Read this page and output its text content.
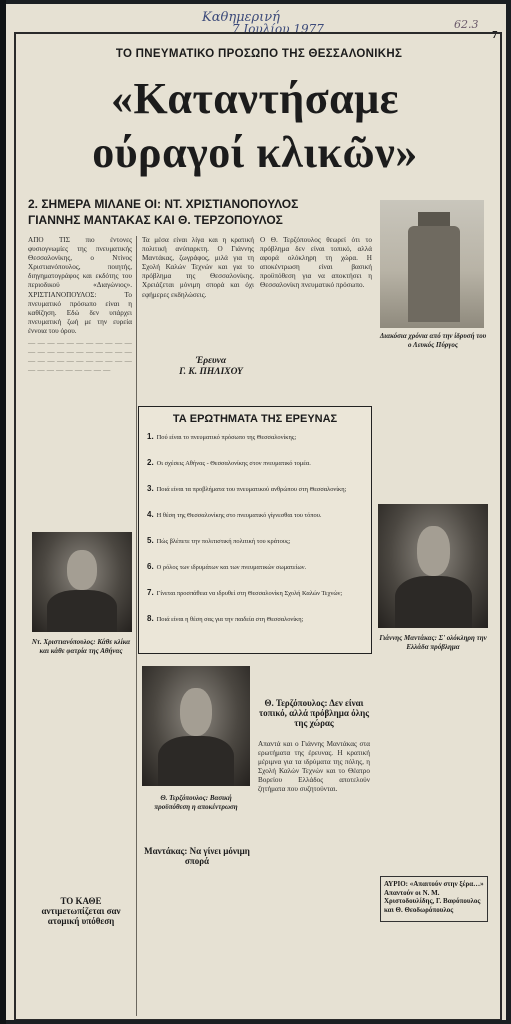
Καθημερινή
7 Ιουλίου 1977	62.3
7
ΤΟ ΠΝΕΥΜΑΤΙΚΟ ΠΡΟΣΩΠΟ ΤΗΣ ΘΕΣΣΑΛΟΝΙΚΗΣ
«Καταντήσαμε
ούραγοί κλικῶν»
2. ΣΗΜΕΡΑ ΜΙΛΑΝΕ ΟΙ: ΝΤ. ΧΡΙΣΤΙΑΝΟΠΟΥΛΟΣ
ΓΙΑΝΝΗΣ ΜΑΝΤΑΚΑΣ ΚΑΙ Θ. ΤΕΡΖΟΠΟΥΛΟΣ
Διακόσια χρόνια από την ίδρυσή του ο Λευκός Πύργος

ΑΠΟ ΤΙΣ πιο έντονες φυσιογνωμίες της πνευματικής Θεσσαλονίκης, ο Ντίνος Χριστιανόπουλος, ποιητής, διηγηματογράφος και εκδότης του περιοδικού «Διαγώνιος». ΧΡΙΣΤΙΑΝΟΠΟΥΛΟΣ: Το πνευματικό πρόσωπο είναι η καθίζηση. Εδώ δεν υπάρχει πνευματική ζωή με την ευρεία έννοια του όρου.

— — — — — — — — — — — — — — — — — — — — — — — — — — — — — — — — — — — — — — — — — —

Τα μέσα είναι λίγα και η κρατική πολιτική ανύπαρκτη. Ο Γιάννης Μαντάκας, ζωγράφος, μιλά για τη Σχολή Καλών Τεχνών και για το πρόβλημα της Θεσσαλονίκης. Χρειάζεται μόνιμη σπορά και όχι εφήμερες εκδηλώσεις.

Ο Θ. Τερζόπουλος θεωρεί ότι το πρόβλημα δεν είναι τοπικό, αλλά αφορά ολόκληρη τη χώρα. Η αποκέντρωση είναι βασική προϋπόθεση για να αποκτήσει η Θεσσαλονίκη πνευματικό πρόσωπο.

Έρευνα
Γ. Κ. ΠΗΛΙΧΟΥ
Ντ. Χριστιανόπουλος: Κάθε κλίκα και κάθε φατρία της Αθήνας
ΤΑ ΕΡΩΤΗΜΑΤΑ ΤΗΣ ΕΡΕΥΝΑΣ
1. Πού είναι το πνευματικό πρόσωπο της Θεσσαλονίκης;
2. Οι σχέσεις Αθήνας - Θεσσαλονίκης στον πνευματικό τομέα.
3. Ποιά είναι τα προβλήματα του πνευματικού ανθρώπου στη Θεσσαλονίκη;
4. Η θέση της Θεσσαλονίκης στο πνευματικό γίγνεσθαι του τόπου.
5. Πώς βλέπετε την πολιτιστική πολιτική του κράτους;
6. Ο ρόλος των ιδρυμάτων και των πνευματικών σωματείων.
7. Γίνεται προσπάθεια να ιδρυθεί στη Θεσσαλονίκη Σχολή Καλών Τεχνών;
8. Ποιά είναι η θέση σας για την παιδεία στη Θεσσαλονίκη;
Γιάννης Μαντάκας: Σ' ολόκληρη την Ελλάδα πρόβλημα
Θ. Τερζόπουλος: Βασική προϋπόθεση η αποκέντρωση
Θ. Τερζόπουλος: Δεν είναι τοπικό, αλλά πρόβλημα όλης της χώρας
Μαντάκας: Να γίνει μόνιμη σπορά
ΤΟ ΚΑΘΕ αντιμετωπίζεται σαν ατομική υπόθεση

Απαντά και ο Γιάννης Μαντάκας στα ερωτήματα της έρευνας. Η κρατική μέριμνα για τα ιδρύματα της πόλης, η Σχολή Καλών Τεχνών και το Θέατρο Βορείου Ελλάδος αποτελούν ζητήματα που συζητούνται.

ΑΥΡΙΟ: «Απαιτούν στην ξέρα…» Απαντούν οι Ν. Μ. Χριστοδουλίδης, Γ. Βαφόπουλος και Θ. Θεοδωρόπουλος
